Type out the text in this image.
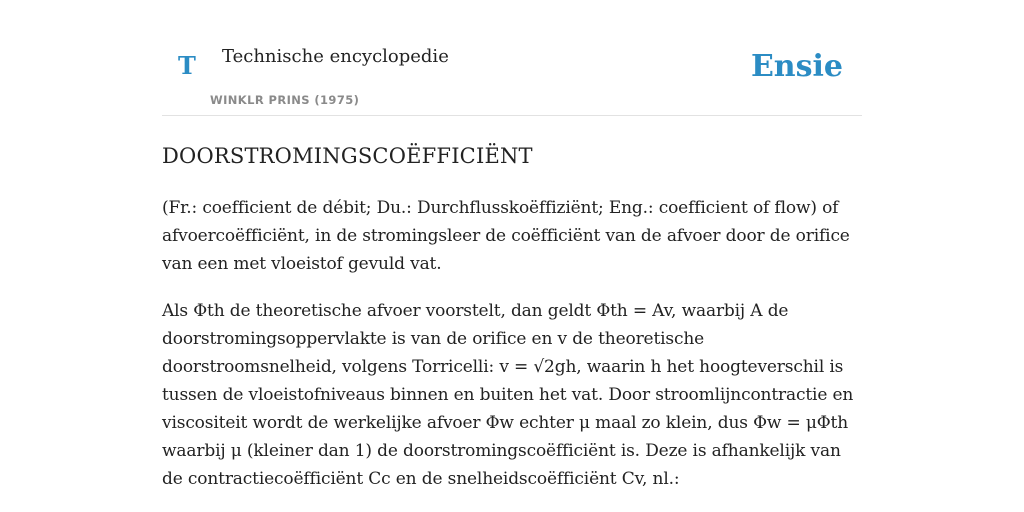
T Technische encyclopedie
WINKLR PRINS (1975)
Ensie
DOORSTROMINGSCOËFFICIËNT

(Fr.: coefficient de débit; Du.: Durchflusskoëffiziënt; Eng.: coefficient of flow) of afvoercoëfficiënt, in de stromingsleer de coëfficiënt van de afvoer door de orifice van een met vloeistof gevuld vat.

Als Φth de theoretische afvoer voorstelt, dan geldt Φth = Av, waarbij A de doorstromingsoppervlakte is van de orifice en v de theoretische doorstroomsnelheid, volgens Torricelli: v = √2gh, waarin h het hoogteverschil is tussen de vloeistofniveaus binnen en buiten het vat. Door stroomlijncontractie en viscositeit wordt de werkelijke afvoer Φw echter μ maal zo klein, dus Φw = μΦth waarbij μ (kleiner dan 1) de doorstromingscoëfficiënt is. Deze is afhankelijk van de contractiecoëfficiënt Cc en de snelheidscoëfficiënt Cv, nl.:
